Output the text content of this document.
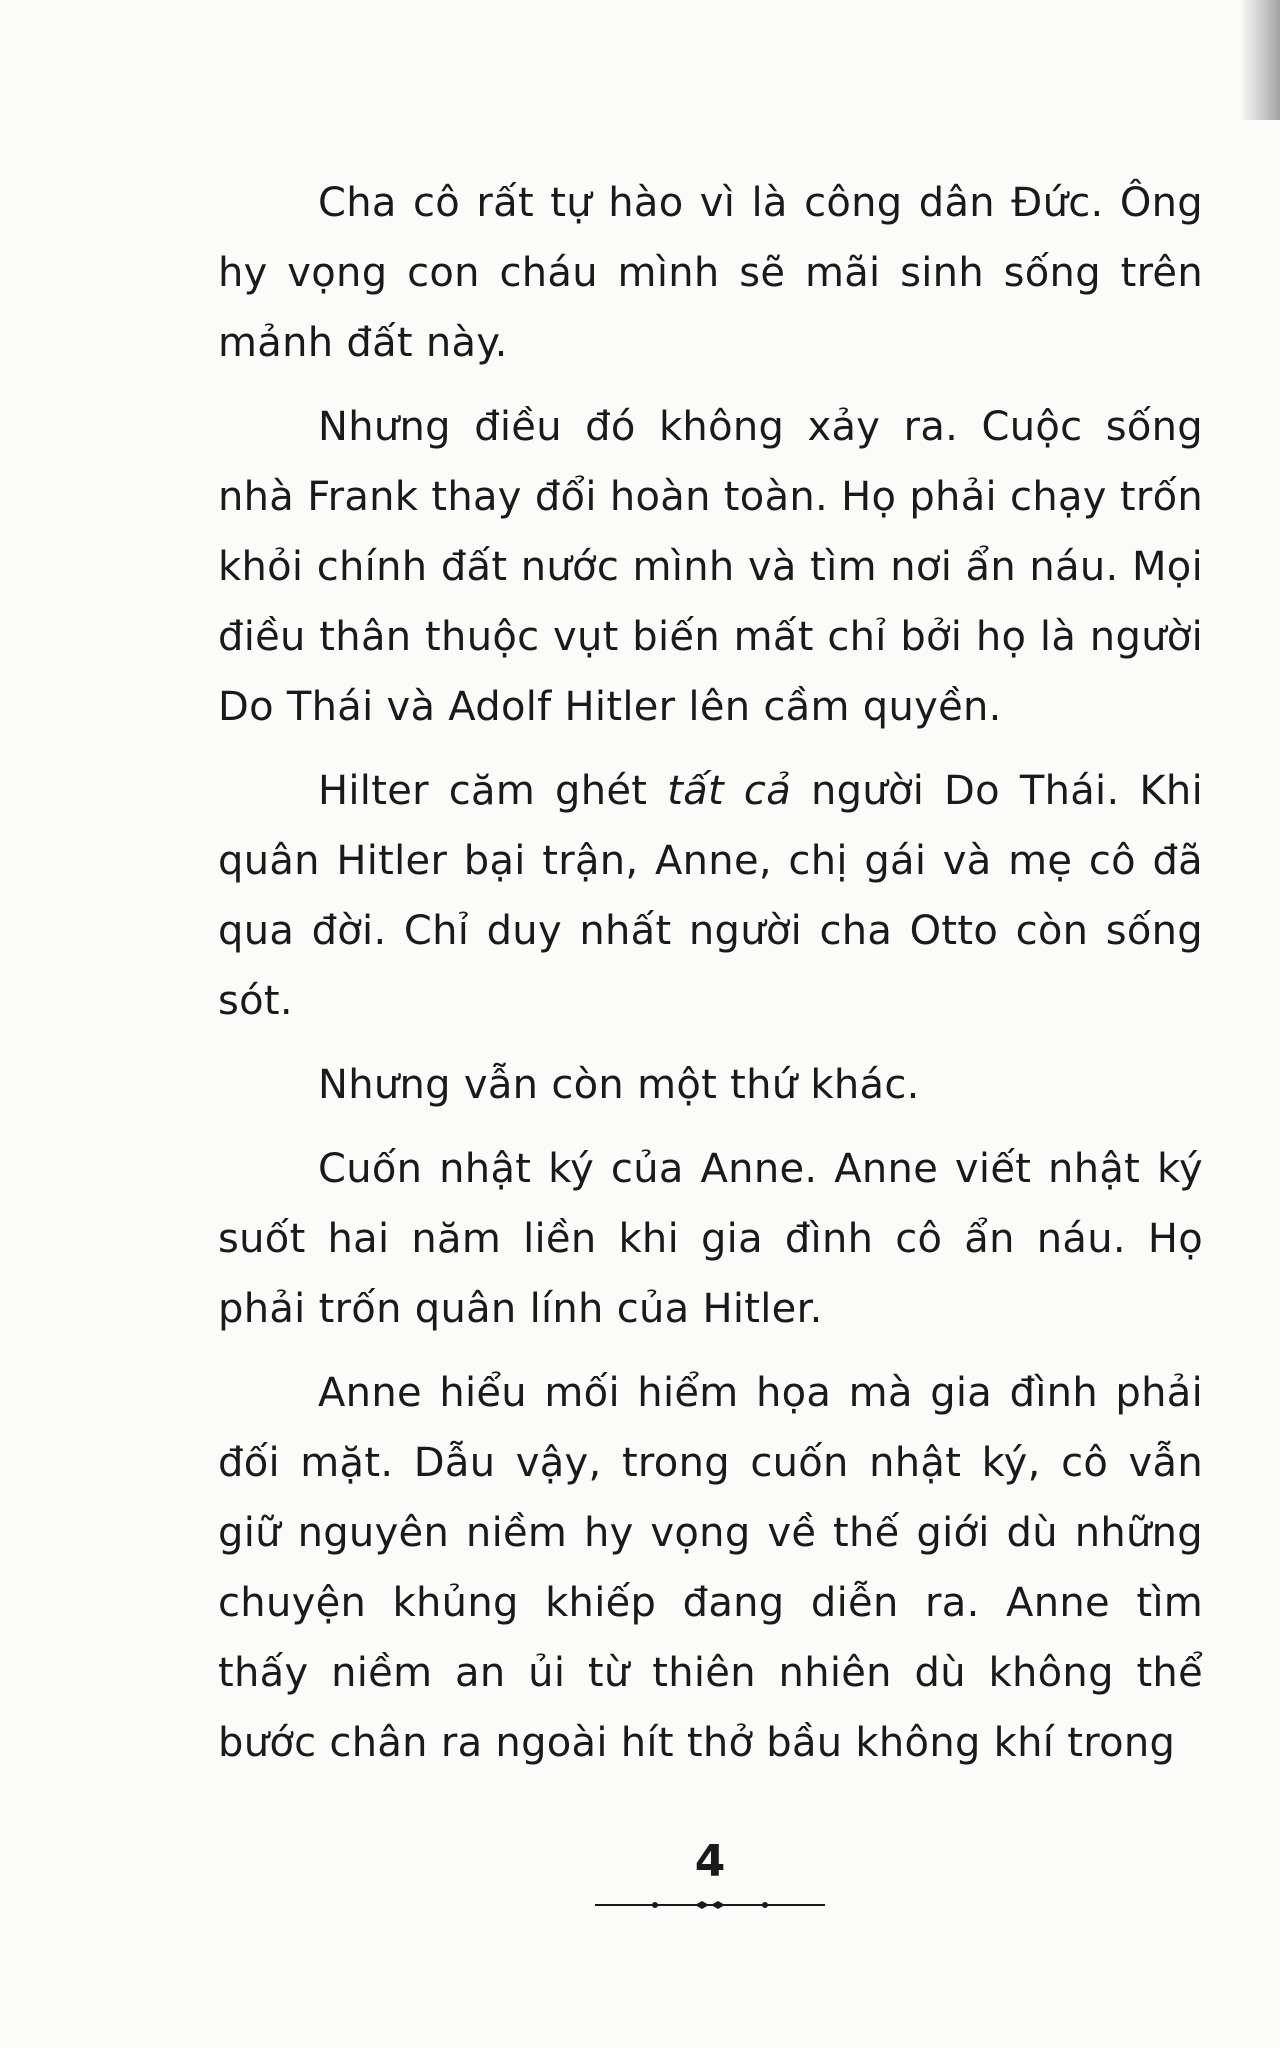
Cha cô rất tự hào vì là công dân Đức. Ông hy vọng con cháu mình sẽ mãi sinh sống trên mảnh đất này.

Nhưng điều đó không xảy ra. Cuộc sống nhà Frank thay đổi hoàn toàn. Họ phải chạy trốn khỏi chính đất nước mình và tìm nơi ẩn náu. Mọi điều thân thuộc vụt biến mất chỉ bởi họ là người Do Thái và Adolf Hitler lên cầm quyền.

Hilter căm ghét tất cả người Do Thái. Khi quân Hitler bại trận, Anne, chị gái và mẹ cô đã qua đời. Chỉ duy nhất người cha Otto còn sống sót.

Nhưng vẫn còn một thứ khác.

Cuốn nhật ký của Anne. Anne viết nhật ký suốt hai năm liền khi gia đình cô ẩn náu. Họ phải trốn quân lính của Hitler.

Anne hiểu mối hiểm họa mà gia đình phải đối mặt. Dẫu vậy, trong cuốn nhật ký, cô vẫn giữ nguyên niềm hy vọng về thế giới dù những chuyện khủng khiếp đang diễn ra. Anne tìm thấy niềm an ủi từ thiên nhiên dù không thể bước chân ra ngoài hít thở bầu không khí trong

4
